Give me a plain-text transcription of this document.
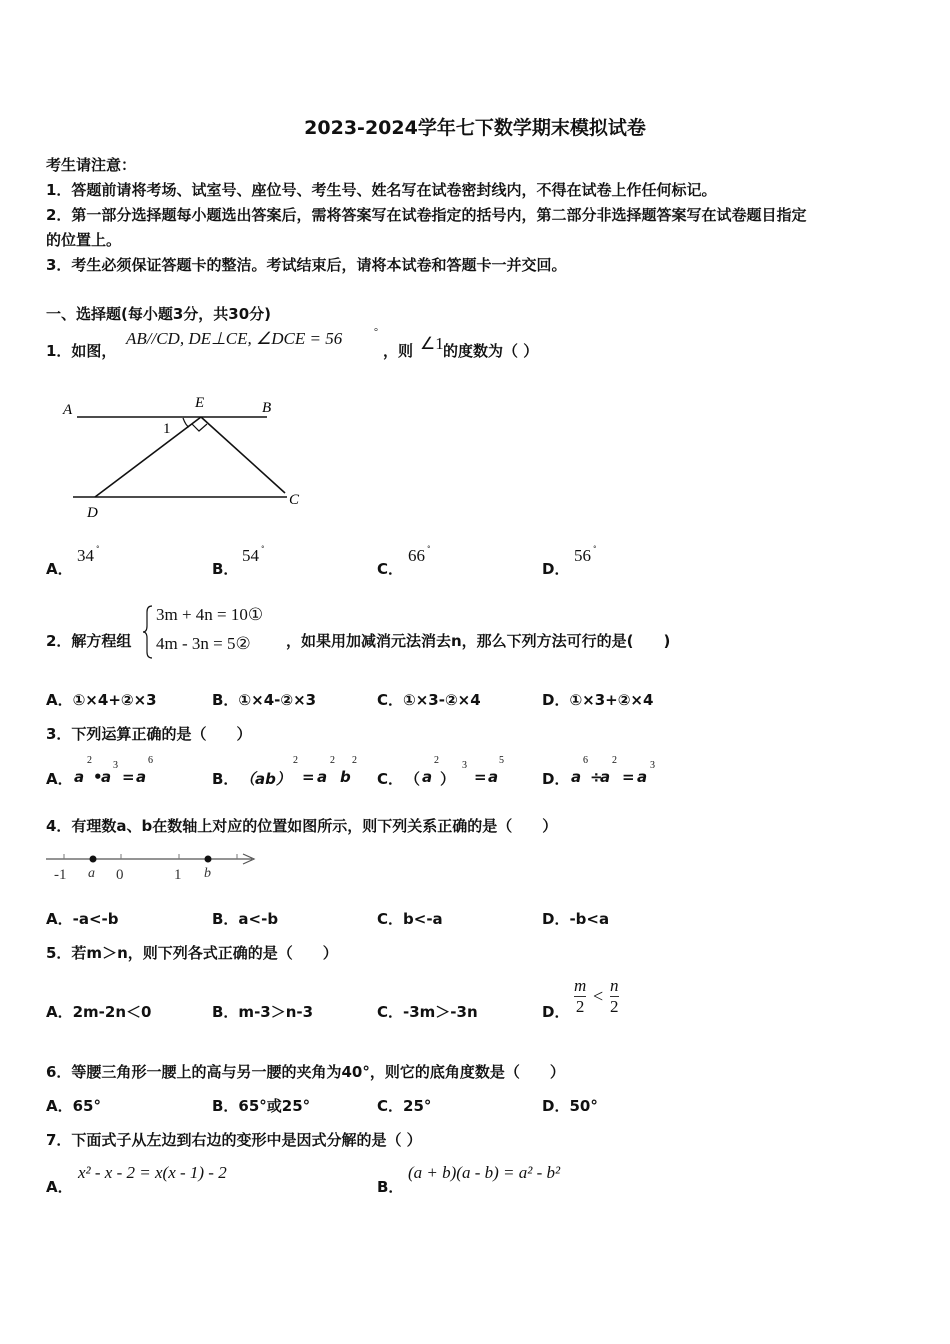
2023-2024学年七下数学期末模拟试卷
考生请注意：
1．答题前请将考场、试室号、座位号、考生号、姓名写在试卷密封线内，不得在试卷上作任何标记。
2．第一部分选择题每小题选出答案后，需将答案写在试卷指定的括号内，第二部分非选择题答案写在试卷题目指定
的位置上。
3．考生必须保证答题卡的整洁。考试结束后，请将本试卷和答题卡一并交回。
一、选择题(每小题3分，共30分)
1．如图，
AB//CD, DE⊥CE, ∠DCE = 56	°
，则 ∠1 的度数为（ ）
A	B
E
1
D
C
A．
34 °
B．
54 °
C．
66 °
D．
56 °
2．解方程组
3m + 4n = 10①
4m - 3n = 5② ，如果用加减消元法消去n，那么下列方法可行的是(　　)
A．①×4+②×3	B．①×4-②×3	C．①×3-②×4	D．①×3+②×4
3．下列运算正确的是（　　）
A． a
2
•
a
3
= a
6
B． （ab）
2
= a
2
b
2
C． （ a
2
）
3
= a
5
D． a
6
÷
a
2
= a
3
4．有理数a、b在数轴上对应的位置如图所示，则下列关系正确的是（　　）
-1 a 0	1 b
A．-a<-b	B．a<-b	C．b<-a	D．-b<a
5．若m＞n，则下列各式正确的是（　　）
A．2m-2n＜0	B．m-3＞n-3	C．-3m＞-3n	D． $\frac{m}{2} < \frac{n}{2}$
6．等腰三角形一腰上的高与另一腰的夹角为40°，则它的底角度数是（　　）
A．65°	B．65°或25°	C．25°	D．50°
7．下面式子从左边到右边的变形中是因式分解的是（ ）
A．
x² - x - 2 = x(x - 1) - 2
B．
(a + b)(a - b) = a² - b²
